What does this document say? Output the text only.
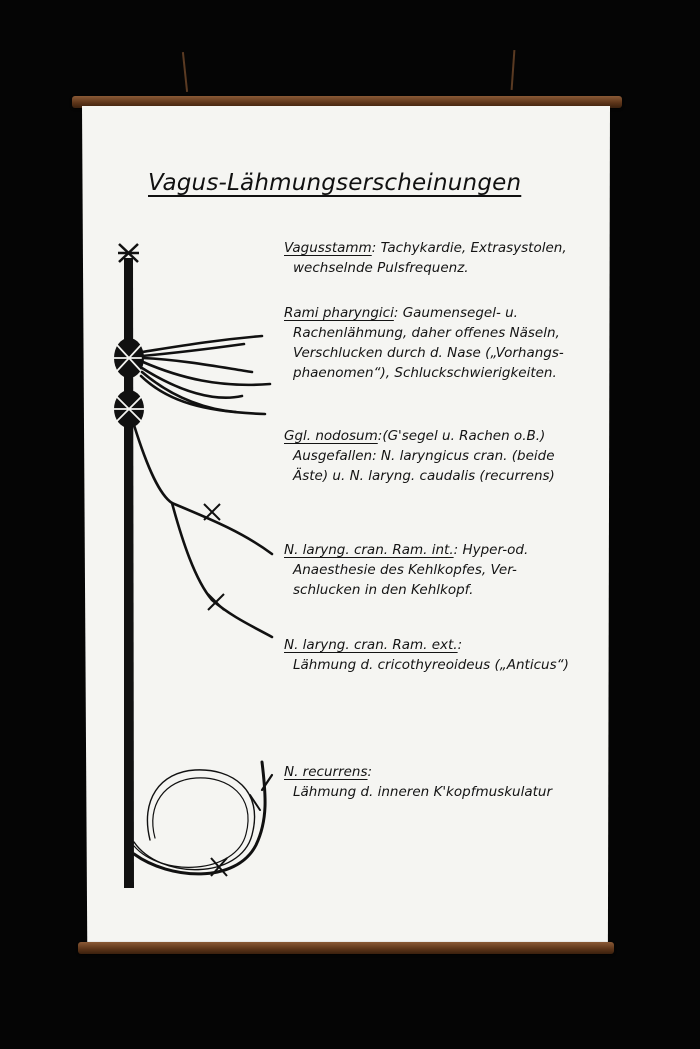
Vagus-Lähmungserscheinungen

Vagusstamm: Tachykardie, Extrasystolen,

wechselnde Pulsfrequenz.

Rami pharyngici: Gaumensegel- u.

Rachenlähmung, daher offenes Näseln,

Verschlucken durch d. Nase („Vorhangs-

phaenomen“), Schluckschwierigkeiten.

Ggl. nodosum:(G'segel u. Rachen o.B.)

Ausgefallen: N. laryngicus cran. (beide

Äste) u. N. laryng. caudalis (recurrens)

N. laryng. cran. Ram. int.: Hyper-od.

Anaesthesie des Kehlkopfes, Ver-

schlucken in den Kehlkopf.

N. laryng. cran. Ram. ext.:

Lähmung d. cricothyreoideus („Anticus“)

N. recurrens:

Lähmung d. inneren K'kopfmuskulatur
